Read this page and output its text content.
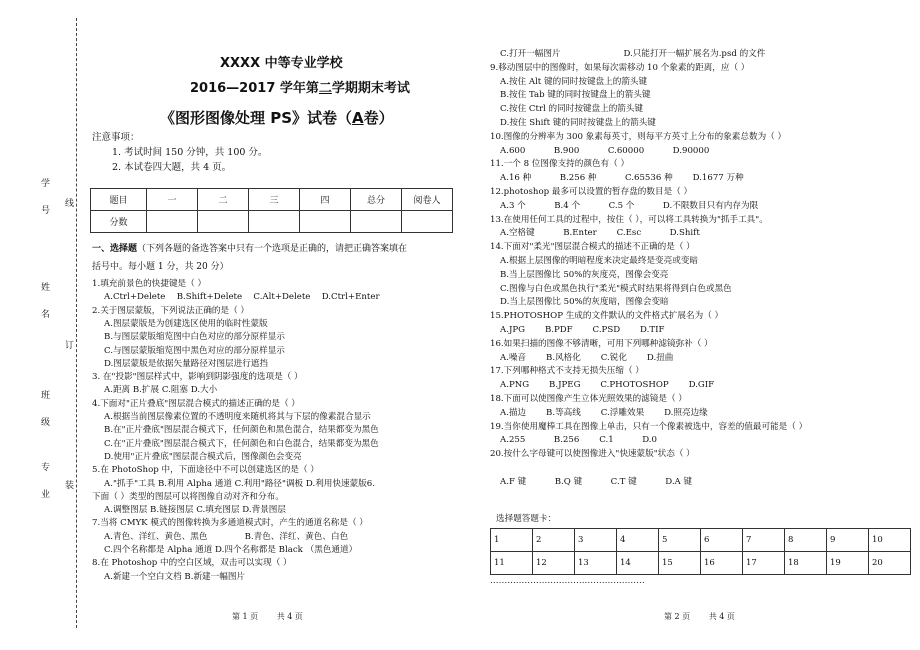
学　　号 线
姓　　名
订
班　　级
专　　业 装
XXXX 中等专业学校
2016—2017 学年第二学期期末考试
《图形图像处理 PS》试卷（A卷）
注意事项：
1. 考试时间 150 分钟，共 100 分。
2. 本试卷四大题，共 4 页。
题目	一	二	三	四	总分	阅卷人
分数						
一、选择题（下列各题的备选答案中只有一个选项是正确的，请把正确答案填在
括号中。每小题 1 分，共 20 分）
1.填充前景色的快捷键是（ ）
A.Ctrl+Delete　 B.Shift+Delete　 C.Alt+Delete　 D.Ctrl+Enter
2.关于图层蒙版，下列说法正确的是（ ）
A.图层蒙版是为创建选区使用的临时性蒙版
B.与图层蒙版缩览图中白色对应的部分原样显示
C.与图层蒙版缩览图中黑色对应的部分原样显示
D.图层蒙版是依据矢量路径对图层进行遮挡
3. 在"投影"图层样式中，影响到阴影强度的选项是（ ）
A.距离 B.扩展 C.阻塞 D.大小
4.下面对"正片叠底"图层混合模式的描述正确的是（ ）
A.根据当前图层像素位置的不透明度来随机将其与下层的像素混合显示
B.在"正片叠底"图层混合模式下，任何颜色和黑色混合，结果都变为黑色
C.在"正片叠底"图层混合模式下，任何颜色和白色混合，结果都变为黑色
D.使用"正片叠底"图层混合模式后，图像颜色会变亮
5.在 PhotoShop 中，下面途径中不可以创建选区的是（ ）
A."抓手"工具 B.利用 Alpha 通道 C.利用"路径"调板 D.利用快速蒙版6.
下面（ ）类型的图层可以将图像自动对齐和分布。
A.调整图层 B.链接图层 C.填充图层 D.背景图层
7.当将 CMYK 模式的图像转换为多通道模式时，产生的通道名称是（ ）
A.青色、洋红、黄色、黑色　　　　 B.青色、洋红、黄色、白色
C.四个名称都是 Alpha 通道 D.四个名称都是 Black （黑色通道）
8.在 Photoshop 中的空白区域，双击可以实现（ ）
A.新建一个空白文档 B.新建一幅图片
C.打开一幅图片　　　　　　　 D.只能打开一幅扩展名为.psd 的文件
9.移动图层中的图像时，如果每次需移动 10 个象素的距离，应（ ）
A.按住 Alt 键的同时按键盘上的箭头键
B.按住 Tab 键的同时按键盘上的箭头键
C.按住 Ctrl 的同时按键盘上的箭头键
D.按住 Shift 键的同时按键盘上的箭头键
10.图像的分辨率为 300 象素每英寸，则每平方英寸上分布的象素总数为（ ）
A.600　　　 B.900　　　 C.60000　　　 D.90000
11.一个 8 位图像支持的颜色有（ ）
A.16 种　　　 B.256 种　　　 C.65536 种　　 D.1677 万种
12.photoshop 最多可以设置的暂存盘的数目是（ ）
A.3 个　　　 B.4 个　　　 C.5 个　　　 D.不限数目只有内存为限
13.在使用任何工具的过程中，按住（ ），可以将工具转换为"抓手工具"。
A.空格键　　　 B.Enter　　 C.Esc　　　 D.Shift
14.下面对"柔光"图层混合模式的描述不正确的是（ ）
A.根据上层图像的明暗程度来决定最终是变亮或变暗
B.当上层图像比 50%的灰度亮，图像会变亮
C.图像与白色或黑色执行"柔光"模式时结果将得到白色或黑色
D.当上层图像比 50%的灰度暗，图像会变暗
15.PHOTOSHOP 生成的文件默认的文件格式扩展名为（ ）
A.JPG　　 B.PDF　　 C.PSD　　 D.TIF
16.如果扫描的图像不够清晰，可用下列哪种滤镜弥补（ ）
A.噪音　　 B.风格化　　 C.锐化　　 D.扭曲
17.下列哪种格式不支持无损失压缩（ ）
A.PNG　　 B.JPEG　　 C.PHOTOSHOP　　 D.GIF
18.下面可以使图像产生立体光照效果的滤镜是（ ）
A.描边　　 B.等高线　　 C.浮雕效果　　 D.照亮边缘
19.当你使用魔棒工具在图像上单击，只有一个像素被选中，容差的值最可能是（ ）
A.255　　　 B.256　　 C.1　　　 D.0
20.按什么字母键可以使图像进入"快速蒙版"状态（ ）
A.F 键　　　 B.Q 键　　　 C.T 键　　　 D.A 键
选择题答题卡：
1	2	3	4	5	6	7	8	9	10
11	12	13	14	15	16	17	18	19	20
………………………………………………
第 1 页　　 共 4 页	第 2 页　　 共 4 页
